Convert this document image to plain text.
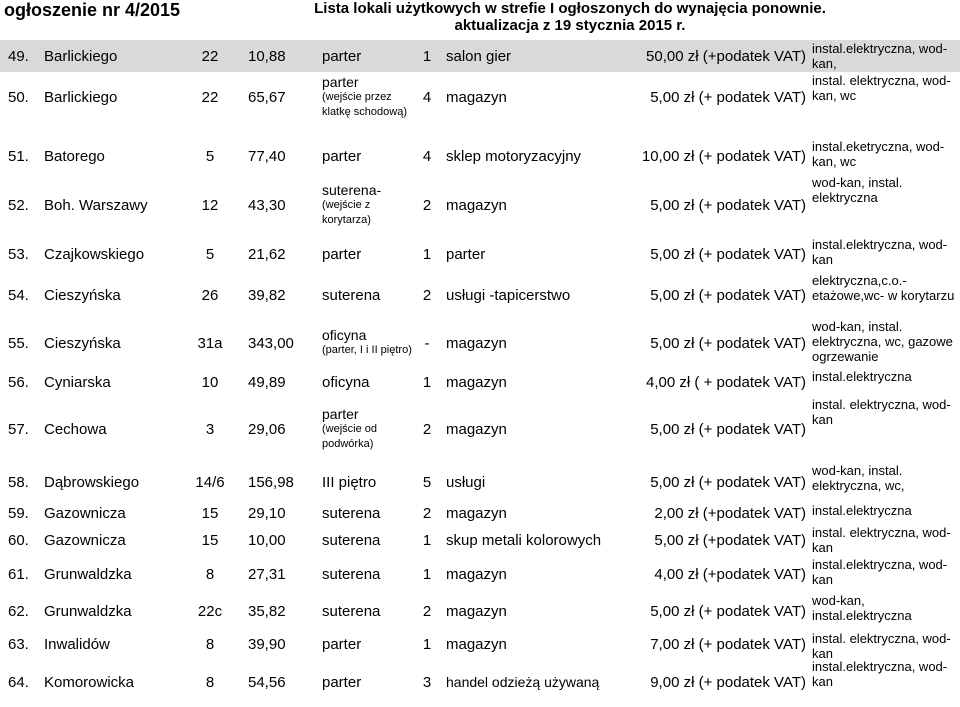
ogłoszenie nr 4/2015	Lista lokali użytkowych w strefie I ogłoszonych do wynajęcia ponownie.
aktualizacja z 19 stycznia 2015 r.
49.	Barlickiego	22	10,88	parter	1 salon gier	50,00 zł (+podatek VAT) instal.elektryczna, wod-kan,
50.	Barlickiego	22	65,67
parter
(wejście przez klatkę schodową)
4 magazyn	5,00 zł (+ podatek VAT)
instal. elektryczna, wod-kan, wc
51.	Batorego	5	77,40	parter	4 sklep motoryzacyjny	10,00 zł (+ podatek VAT)
instal.eketryczna, wod-kan, wc
52.	Boh. Warszawy	12	43,30
suterena-
(wejście z korytarza)
2 magazyn	5,00 zł (+ podatek VAT)
wod-kan, instal. elektryczna
53.	Czajkowskiego	5	21,62	parter	1 parter	5,00 zł (+ podatek VAT)
instal.elektryczna, wod-kan
54.	Cieszyńska	26	39,82	suterena	2 usługi -tapicerstwo	5,00 zł (+ podatek VAT)
elektryczna,c.o.-etażowe,wc- w korytarzu
55.	Cieszyńska	31a	343,00	oficyna
(parter, I i II piętro) -	magazyn	5,00 zł (+ podatek VAT)
wod-kan, instal. elektryczna, wc, gazowe ogrzewanie
56.	Cyniarska	10	49,89	oficyna	1 magazyn	4,00 zł ( + podatek VAT) instal.elektryczna
57.	Cechowa	3	29,06
parter
(wejście od podwórka)
2 magazyn	5,00 zł (+ podatek VAT)
instal. elektryczna, wod-kan
58.	Dąbrowskiego	14/6	156,98	III piętro	5 usługi	5,00 zł (+ podatek VAT)
wod-kan, instal. elektryczna, wc,
59.	Gazownicza	15	29,10	suterena	2 magazyn	2,00 zł (+podatek VAT) instal.elektryczna
60.	Gazownicza	15	10,00	suterena	1 skup metali kolorowych	5,00 zł (+podatek VAT) instal. elektryczna, wod-kan
61.	Grunwaldzka	8	27,31	suterena	1 magazyn	4,00 zł (+podatek VAT)
instal.elektryczna, wod-kan
62.	Grunwaldzka	22c	35,82	suterena	2 magazyn	5,00 zł (+ podatek VAT)
wod-kan, instal.elektryczna
63.	Inwalidów	8	39,90	parter	1 magazyn	7,00 zł (+ podatek VAT) instal. elektryczna, wod-kan
64.	Komorowicka	8	54,56	parter	3	handel odzieżą używaną	9,00 zł (+ podatek VAT)
instal.elektryczna, wod-kan
